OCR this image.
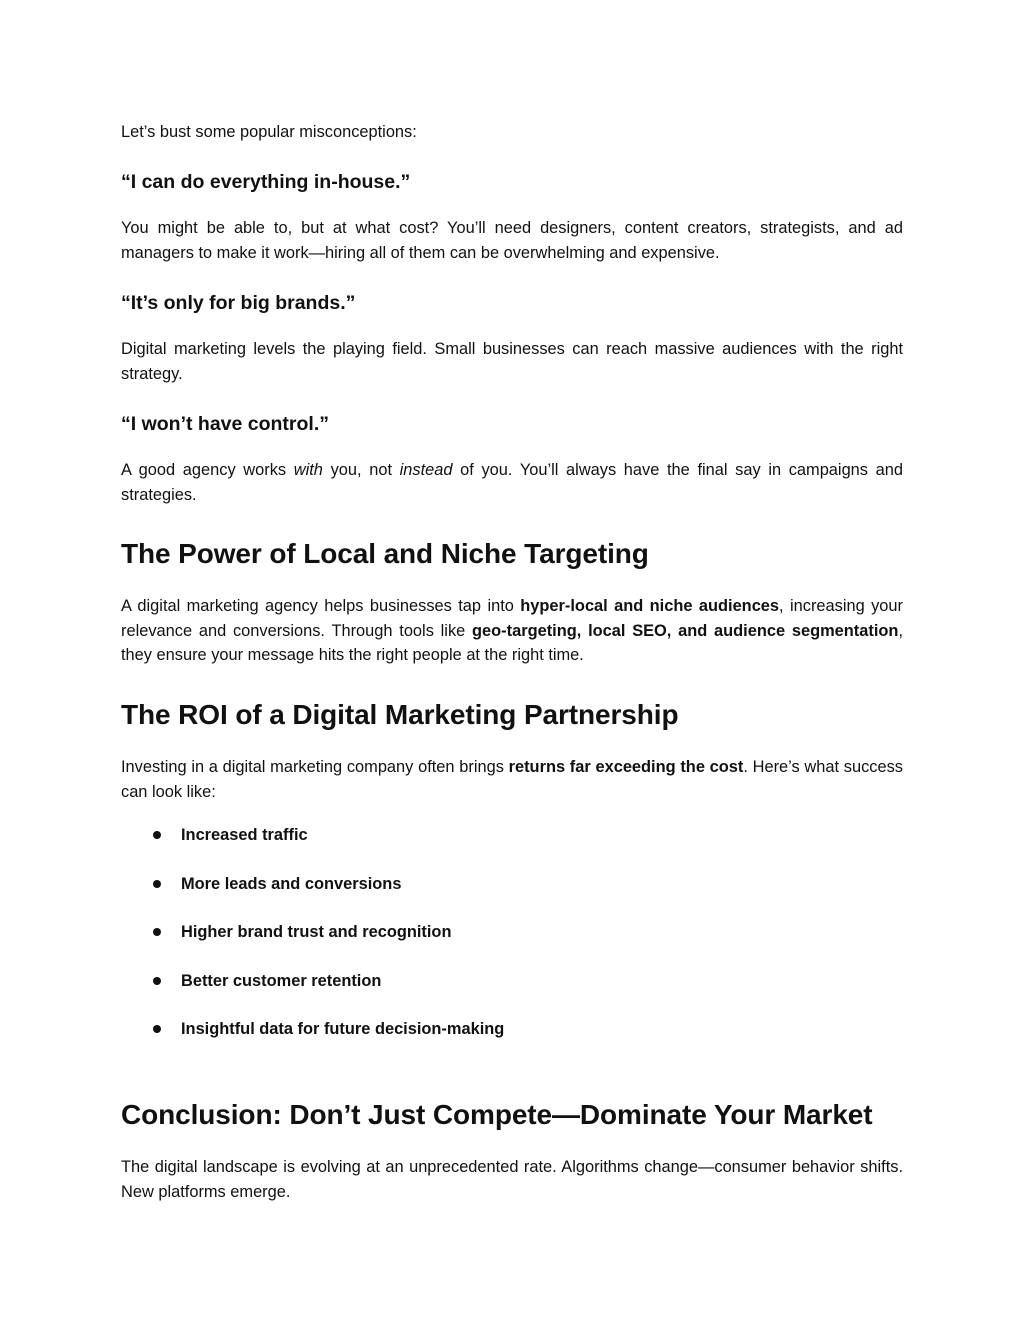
Let’s bust some popular misconceptions:

“I can do everything in-house.”

You might be able to, but at what cost? You’ll need designers, content creators, strategists, and ad managers to make it work—hiring all of them can be overwhelming and expensive.

“It’s only for big brands.”

Digital marketing levels the playing field. Small businesses can reach massive audiences with the right strategy.

“I won’t have control.”

A good agency works with you, not instead of you. You’ll always have the final say in campaigns and strategies.

The Power of Local and Niche Targeting

A digital marketing agency helps businesses tap into hyper-local and niche audiences, increasing your relevance and conversions. Through tools like geo-targeting, local SEO, and audience segmentation, they ensure your message hits the right people at the right time.

The ROI of a Digital Marketing Partnership

Investing in a digital marketing company often brings returns far exceeding the cost. Here’s what success can look like:

Increased traffic
More leads and conversions
Higher brand trust and recognition
Better customer retention
Insightful data for future decision-making
Conclusion: Don’t Just Compete—Dominate Your Market

The digital landscape is evolving at an unprecedented rate. Algorithms change—consumer behavior shifts. New platforms emerge.
